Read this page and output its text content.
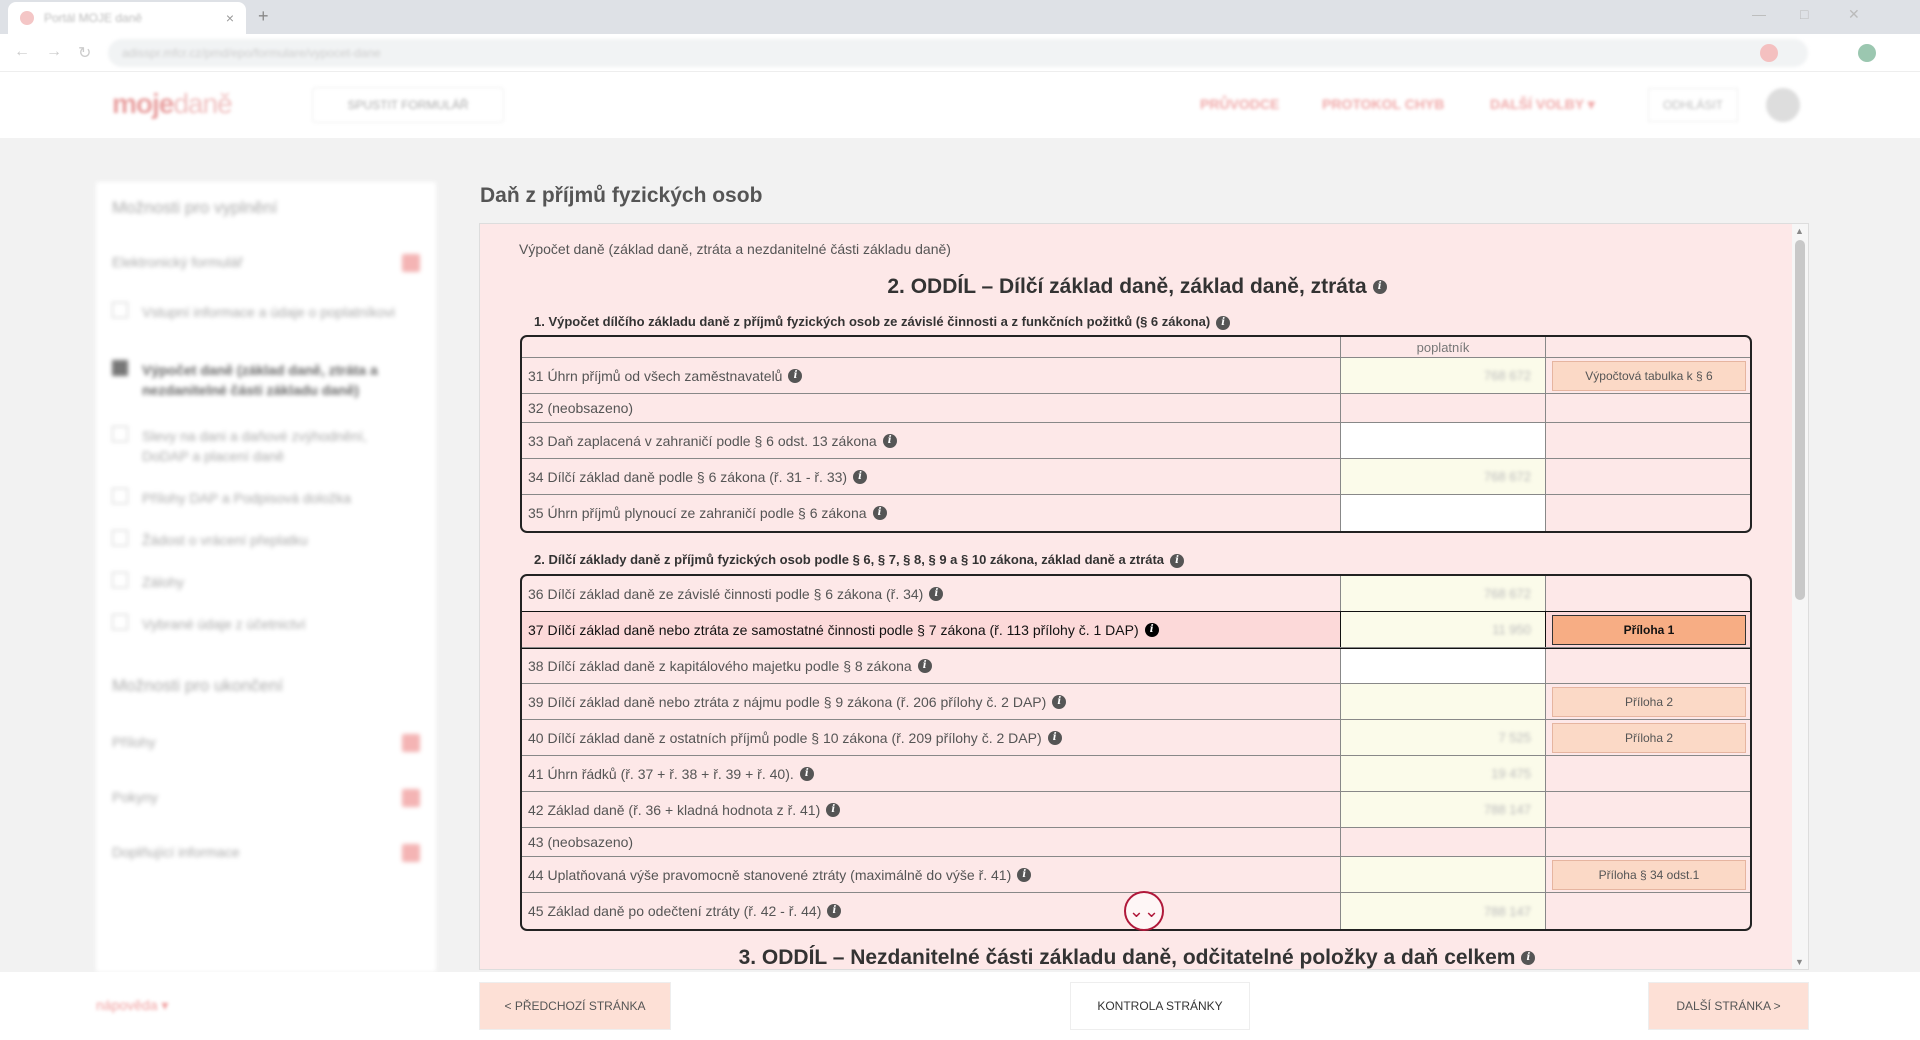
Portál MOJE daně	× +	— □	✕
← → ↻	adisspr.mfcr.cz/pmd/epo/formulare/vypocet-dane
mojedaně	SPUSTIT FORMULÁŘ	PRŮVODCE	PROTOKOL CHYB	DALŠÍ VOLBY ▾	ODHLÁSIT
Možnosti pro vyplnění
Elektronický formulář
Vstupní informace a údaje o poplatníkovi
Výpočet daně (základ daně, ztráta a nezdanitelné části základu daně)
Slevy na dani a daňové zvýhodnění, DoDAP a placení daně
Přílohy DAP a Podpisová doložka
Žádost o vrácení přeplatku
Zálohy
Vybrané údaje z účetnictví
Možnosti pro ukončení
Přílohy
Pokyny
Doplňující informace
Daň z příjmů fyzických osob
▲
▼
Výpočet daně (základ daně, ztráta a nezdanitelné části základu daně)
2. ODDÍL – Dílčí základ daně, základ daně, ztráta i
1. Výpočet dílčího základu daně z příjmů fyzických osob ze závislé činnosti a z funkčních požitků (§ 6 zákona) i
poplatník
31 Úhrn příjmů od všech zaměstnavatelů	i	768 672	Výpočtová tabulka k § 6
32 (neobsazeno)
33 Daň zaplacená v zahraničí podle § 6 odst. 13 zákona	i
34 Dílčí základ daně podle § 6 zákona (ř. 31 - ř. 33)	i	768 672
35 Úhrn příjmů plynoucí ze zahraničí podle § 6 zákona	i
2. Dílčí základy daně z příjmů fyzických osob podle § 6, § 7, § 8, § 9 a § 10 zákona, základ daně a ztráta i
36 Dílčí základ daně ze závislé činnosti podle § 6 zákona (ř. 34)	i	768 672
37 Dílčí základ daně nebo ztráta ze samostatné činnosti podle § 7 zákona (ř. 113 přílohy č. 1 DAP)	i	11 950	Příloha 1
38 Dílčí základ daně z kapitálového majetku podle § 8 zákona	i
39 Dílčí základ daně nebo ztráta z nájmu podle § 9 zákona (ř. 206 přílohy č. 2 DAP)	i	Příloha 2
40 Dílčí základ daně z ostatních příjmů podle § 10 zákona (ř. 209 přílohy č. 2 DAP)	i	7 525	Příloha 2
41 Úhrn řádků (ř. 37 + ř. 38 + ř. 39 + ř. 40).	i	19 475
42 Základ daně (ř. 36 + kladná hodnota z ř. 41)	i	788 147
43 (neobsazeno)
44 Uplatňovaná výše pravomocně stanovené ztráty (maximálně do výše ř. 41)	i	Příloha § 34 odst.1
45 Základ daně po odečtení ztráty (ř. 42 - ř. 44)	i	788 147
⌄⌄
3. ODDÍL – Nezdanitelné části základu daně, odčitatelné položky a daň celkem i
nápověda ▾	< PŘEDCHOZÍ STRÁNKA	KONTROLA STRÁNKY	DALŠÍ STRÁNKA >
